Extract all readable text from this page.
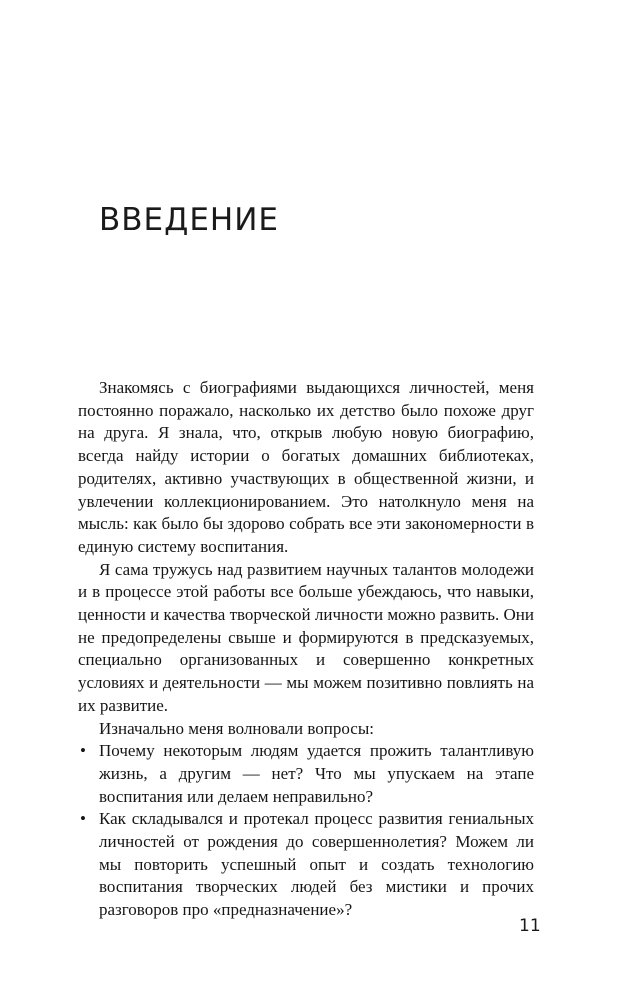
ВВЕДЕНИЕ

Знакомясь с биографиями выдающихся личностей, меня постоянно поражало, насколько их детство было похоже друг на друга. Я знала, что, открыв любую новую биографию, всегда найду истории о богатых домашних библиотеках, родителях, активно участвующих в общественной жизни, и увлечении коллекционированием. Это натолкнуло меня на мысль: как было бы здорово собрать все эти закономерности в единую систему воспитания.

Я сама тружусь над развитием научных талантов молодежи и в процессе этой работы все больше убеждаюсь, что навыки, ценности и качества творческой личности можно развить. Они не предопределены свыше и формируются в предсказуемых, специально организованных и совершенно конкретных условиях и деятельности — мы можем позитивно повлиять на их развитие.

Изначально меня волновали вопросы:

• Почему некоторым людям удается прожить талантливую жизнь, а другим — нет? Что мы упускаем на этапе воспитания или делаем неправильно?
• Как складывался и протекал процесс развития гениальных личностей от рождения до совершеннолетия? Можем ли мы повторить успешный опыт и создать технологию воспитания творческих людей без мистики и прочих разговоров про «предназначение»?
11
